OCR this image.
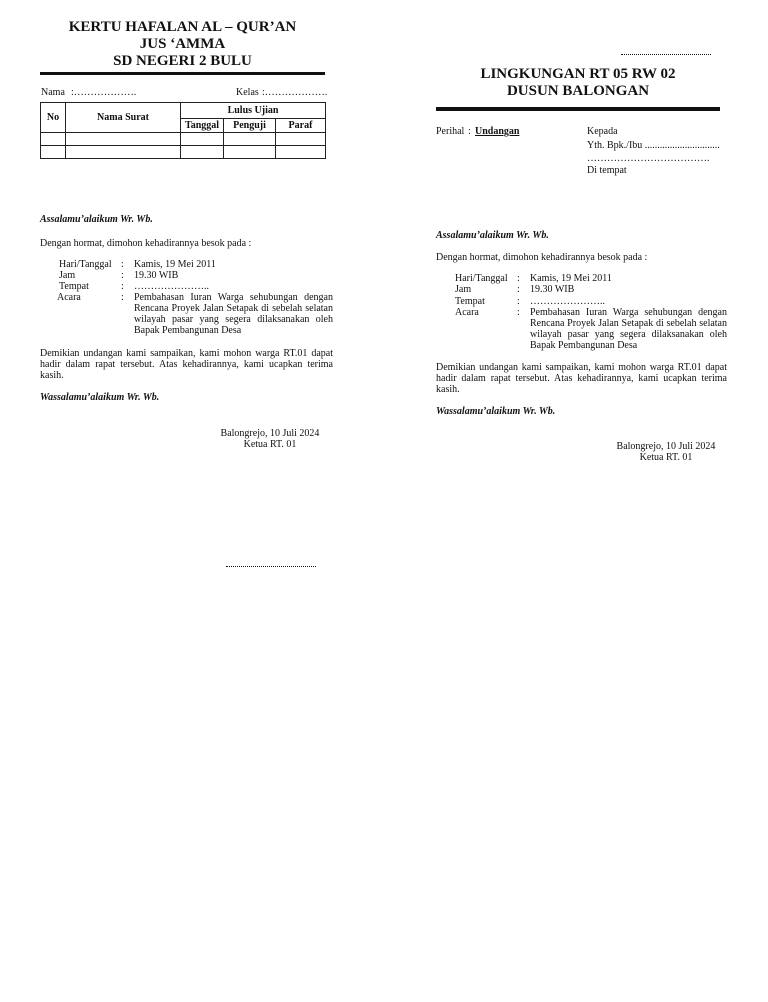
KERTU HAFALAN AL – QUR’AN
JUS ‘AMMA
SD NEGERI 2 BULU
Nama :……………….	Kelas :……………….
No	Nama Surat	Lulus Ujian		
		Tanggal	Penguji	Paraf

Assalamu’alaikum Wr. Wb.
Dengan hormat, dimohon kehadirannya besok pada :
Hari/Tanggal : Kamis, 19 Mei 2011
Jam	: 19.30 WIB
Tempat	: …………………..
Acara	: Pembahasan Iuran Warga sehubungan dengan Rencana Proyek Jalan Setapak di sebelah selatan wilayah pasar yang segera dilaksanakan oleh Bapak Pembangunan Desa
Demikian undangan kami sampaikan, kami mohon warga RT.01 dapat hadir dalam rapat tersebut. Atas kehadirannya, kami ucapkan terima kasih.
Wassalamu’alaikum Wr. Wb.
Balongrejo, 10 Juli 2024
Ketua RT. 01
LINGKUNGAN RT 05 RW 02
DUSUN BALONGAN
Perihal : Undangan	Kepada
Yth. Bpk./Ibu ..............................
……………………………….
Di tempat
Assalamu’alaikum Wr. Wb.
Dengan hormat, dimohon kehadirannya besok pada :
Hari/Tanggal : Kamis, 19 Mei 2011
Jam	: 19.30 WIB
Tempat	: …………………..
Acara	: Pembahasan Iuran Warga sehubungan dengan Rencana Proyek Jalan Setapak di sebelah selatan wilayah pasar yang segera dilaksanakan oleh Bapak Pembangunan Desa
Demikian undangan kami sampaikan, kami mohon warga RT.01 dapat hadir dalam rapat tersebut. Atas kehadirannya, kami ucapkan terima kasih.
Wassalamu’alaikum Wr. Wb.
Balongrejo, 10 Juli 2024
Ketua RT. 01
